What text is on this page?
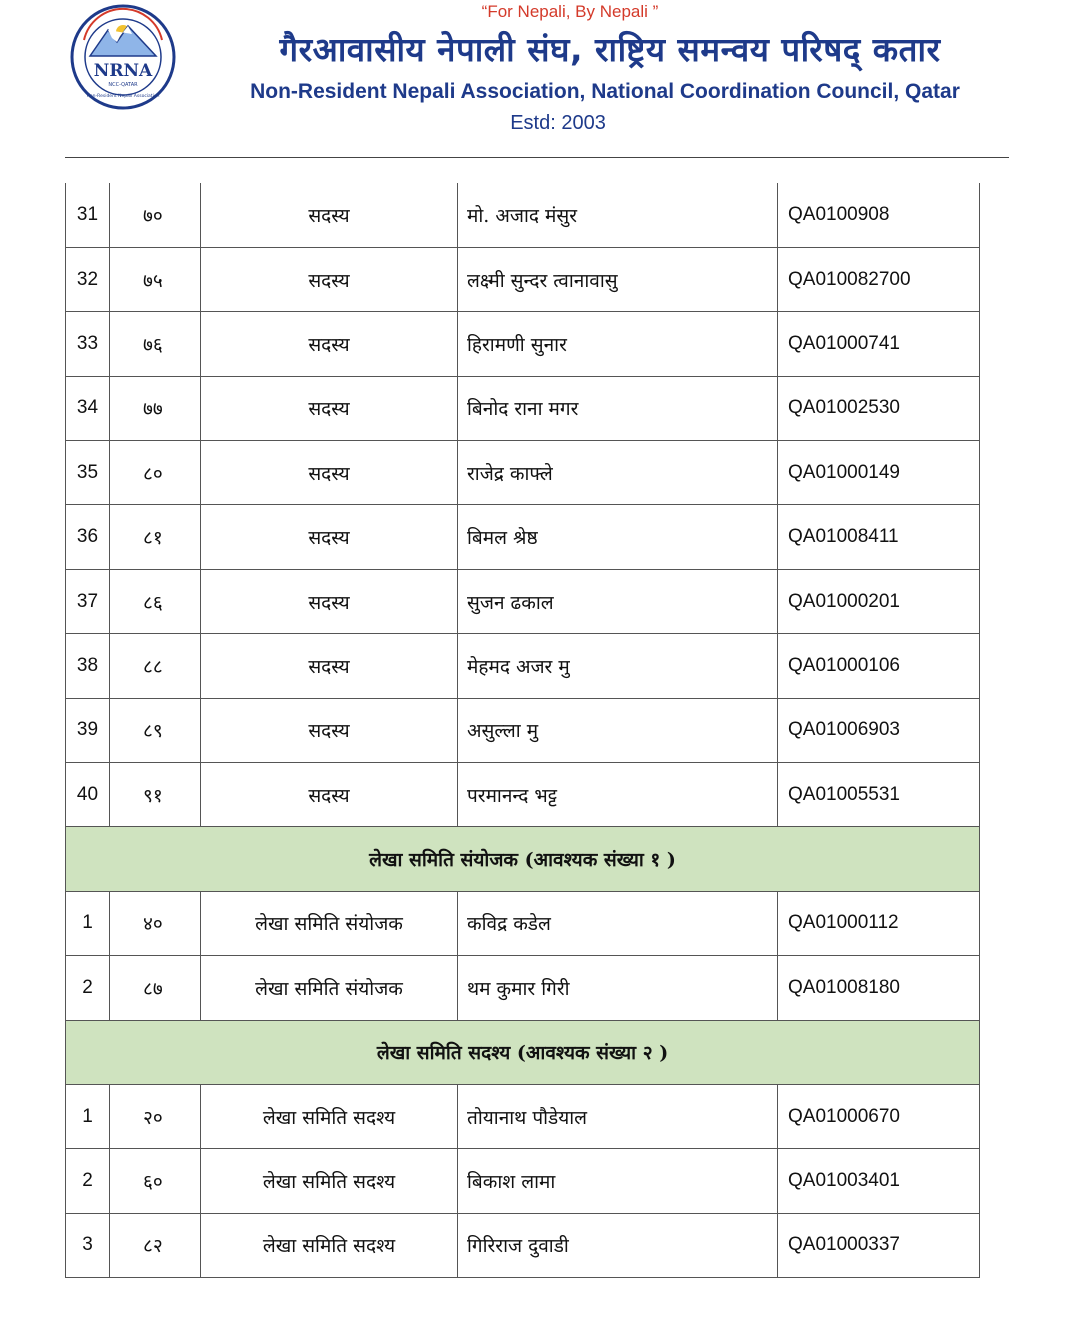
NRNA
NCC-QATAR
Non-Resident Nepali Association
“For Nepali, By Nepali ”
गैरआवासीय नेपाली संघ, राष्ट्रिय समन्वय परिषद्‌ कतार
Non-Resident Nepali Association, National Coordination Council, Qatar
Estd: 2003
31	७०	सदस्य	मो. अजाद मंसुर	QA0100908
32	७५	सदस्य	लक्ष्मी सुन्दर त्वानावासु	QA010082700
33	७६	सदस्य	हिरामणी सुनार	QA01000741
34	७७	सदस्य	बिनोद राना मगर	QA01002530
35	८०	सदस्य	राजेद्र काफ्ले	QA01000149
36	८१	सदस्य	बिमल श्रेष्ठ	QA01008411
37	८६	सदस्य	सुजन ढकाल	QA01000201
38	८८	सदस्य	मेहमद अजर मु	QA01000106
39	८९	सदस्य	असुल्ला मु	QA01006903
40	९१	सदस्य	परमानन्द भट्ट	QA01005531
लेखा समिति संयोजक (आवश्यक संख्या १ )				
1	४०	लेखा समिति संयोजक	कविद्र कडेल	QA01000112
2	८७	लेखा समिति संयोजक	थम कुमार गिरी	QA01008180
लेखा समिति सदश्य (आवश्यक संख्या २ )				
1	२०	लेखा समिति सदश्य	तोयानाथ पौडेयाल	QA01000670
2	६०	लेखा समिति सदश्य	बिकाश लामा	QA01003401
3	८२	लेखा समिति सदश्य	गिरिराज दुवाडी	QA01000337
